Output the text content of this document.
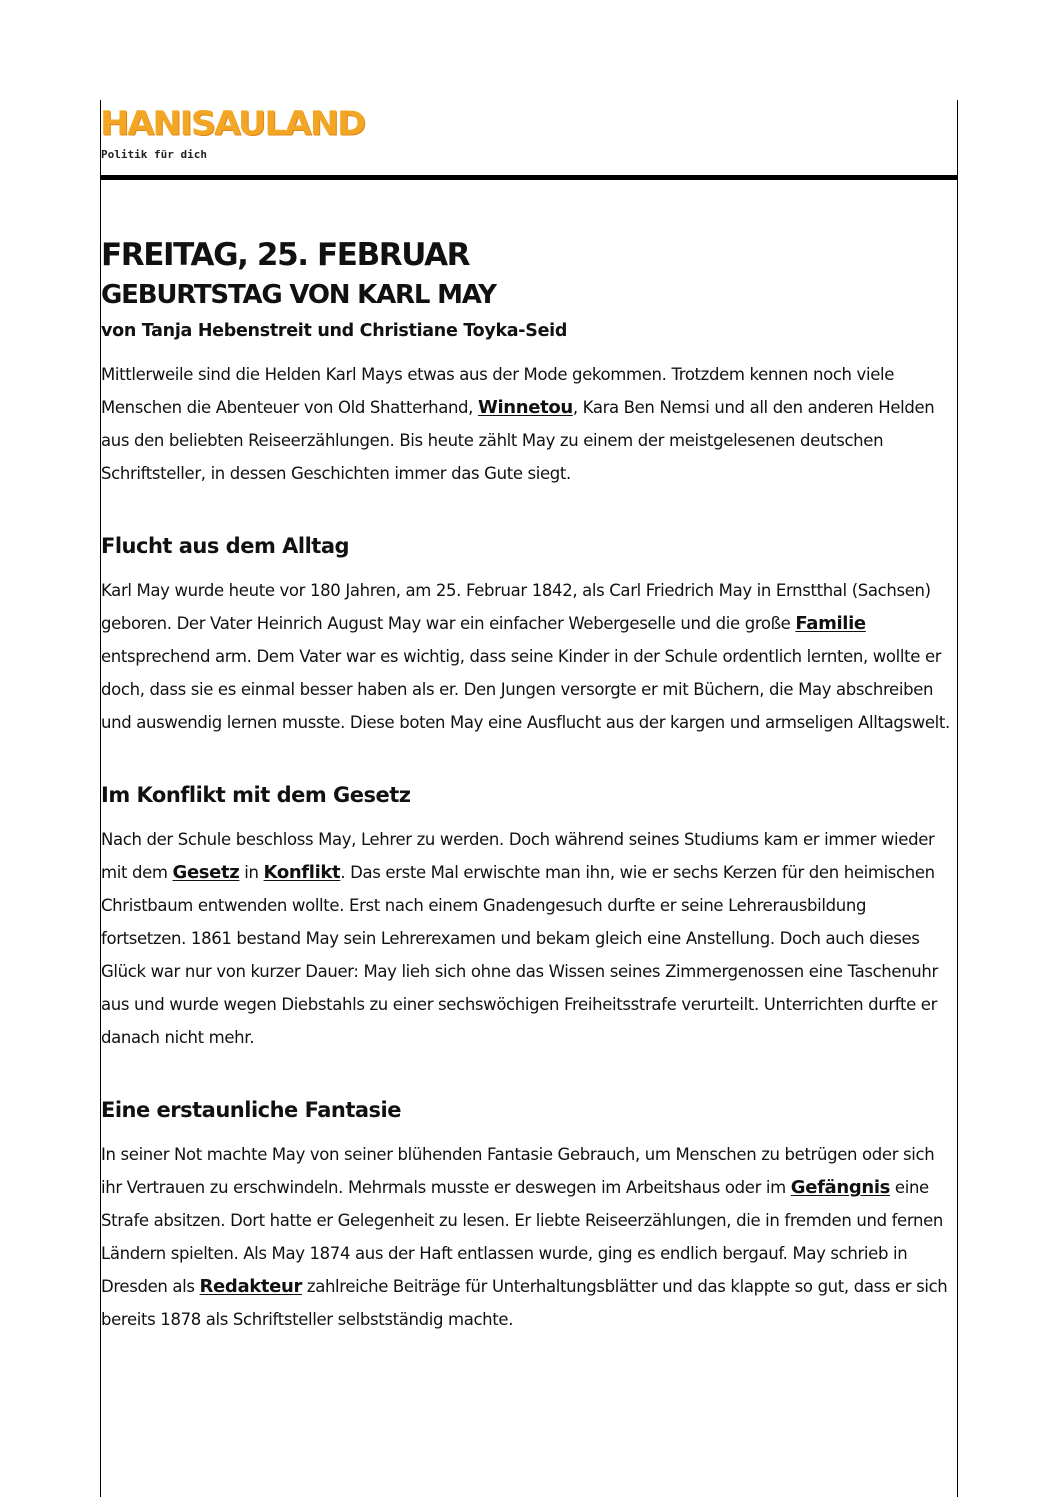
HANISAULAND
Politik für dich
FREITAG, 25. FEBRUAR
GEBURTSTAG VON KARL MAY
von Tanja Hebenstreit und Christiane Toyka-Seid

Mittlerweile sind die Helden Karl Mays etwas aus der Mode gekommen. Trotzdem kennen noch viele Menschen die Abenteuer von Old Shatterhand, Winnetou, Kara Ben Nemsi und all den anderen Helden aus den beliebten Reiseerzählungen. Bis heute zählt May zu einem der meistgelesenen deutschen Schriftsteller, in dessen Geschichten immer das Gute siegt.

Flucht aus dem Alltag

Karl May wurde heute vor 180 Jahren, am 25. Februar 1842, als Carl Friedrich May in Ernstthal (Sachsen) geboren. Der Vater Heinrich August May war ein einfacher Webergeselle und die große Familie entsprechend arm. Dem Vater war es wichtig, dass seine Kinder in der Schule ordentlich lernten, wollte er doch, dass sie es einmal besser haben als er. Den Jungen versorgte er mit Büchern, die May abschreiben und auswendig lernen musste. Diese boten May eine Ausflucht aus der kargen und armseligen Alltagswelt.

Im Konflikt mit dem Gesetz

Nach der Schule beschloss May, Lehrer zu werden. Doch während seines Studiums kam er immer wieder mit dem Gesetz in Konflikt. Das erste Mal erwischte man ihn, wie er sechs Kerzen für den heimischen Christbaum entwenden wollte. Erst nach einem Gnadengesuch durfte er seine Lehrerausbildung fortsetzen. 1861 bestand May sein Lehrerexamen und bekam gleich eine Anstellung. Doch auch dieses Glück war nur von kurzer Dauer: May lieh sich ohne das Wissen seines Zimmergenossen eine Taschenuhr aus und wurde wegen Diebstahls zu einer sechswöchigen Freiheitsstrafe verurteilt. Unterrichten durfte er danach nicht mehr.

Eine erstaunliche Fantasie

In seiner Not machte May von seiner blühenden Fantasie Gebrauch, um Menschen zu betrügen oder sich ihr Vertrauen zu erschwindeln. Mehrmals musste er deswegen im Arbeitshaus oder im Gefängnis eine Strafe absitzen. Dort hatte er Gelegenheit zu lesen. Er liebte Reiseerzählungen, die in fremden und fernen Ländern spielten. Als May 1874 aus der Haft entlassen wurde, ging es endlich bergauf. May schrieb in Dresden als Redakteur zahlreiche Beiträge für Unterhaltungsblätter und das klappte so gut, dass er sich bereits 1878 als Schriftsteller selbstständig machte.
